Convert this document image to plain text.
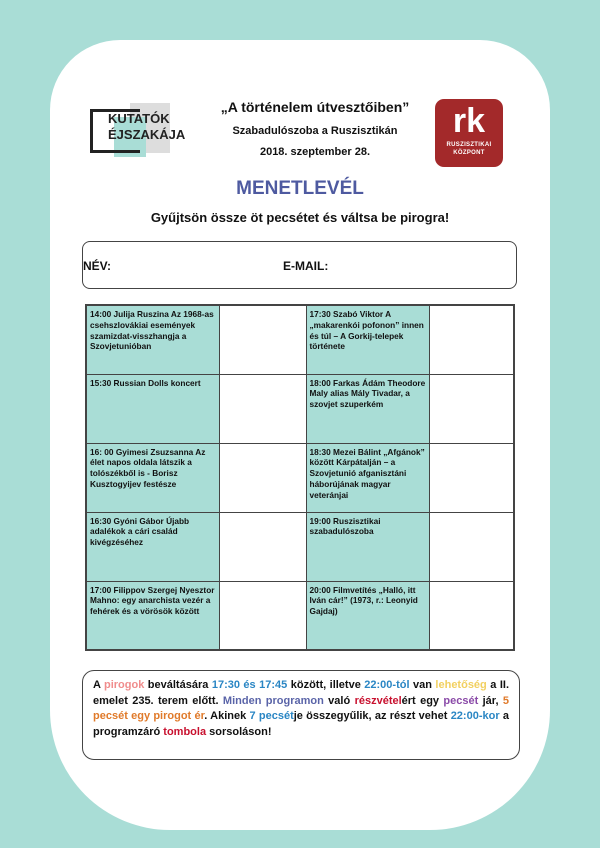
KUTATÓK ÉJSZAKÁJA
„A történelem útvesztőiben”
Szabadulószoba a Ruszisztikán
2018. szeptember 28.
rk
RUSZISZTIKAI KÖZPONT
MENETLEVÉL
Gyűjtsön össze öt pecsétet és váltsa be pirogra!
NÉV:	E-MAIL:
14:00 Julija Ruszina Az 1968-as csehszlovákiai események szamizdat-visszhangja a Szovjetunióban		17:30 Szabó Viktor A „makarenkói pofonon” innen és túl – A Gorkij-telepek története	
15:30 Russian Dolls koncert		18:00 Farkas Ádám Theodore Maly alias Mály Tivadar, a szovjet szuperkém	
16: 00 Gyimesi Zsuzsanna Az élet napos oldala látszik a tolószékből is - Borisz Kusztogyijev festésze		18:30 Mezei Bálint „Afgánok” között Kárpátalján – a Szovjetunió afganisztáni háborújának magyar veteránjai	
16:30 Gyóni Gábor Újabb adalékok a cári család kivégzéséhez		19:00 Ruszisztikai szabadulószoba	
17:00 Filippov Szergej Nyesztor Mahno: egy anarchista vezér a fehérek és a vörösök között		20:00 Filmvetítés „Halló, itt Iván cár!” (1973, r.: Leonyid Gajdaj)	
A pirogok beváltására 17:30 és 17:45 között, illetve 22:00-tól van lehetőség a II. emelet 235. terem előtt. Minden programon való részvételért egy pecsét jár, 5 pecsét egy pirogot ér. Akinek 7 pecsétje összegyűlik, az részt vehet 22:00-kor a programzáró tombola sorsoláson!
